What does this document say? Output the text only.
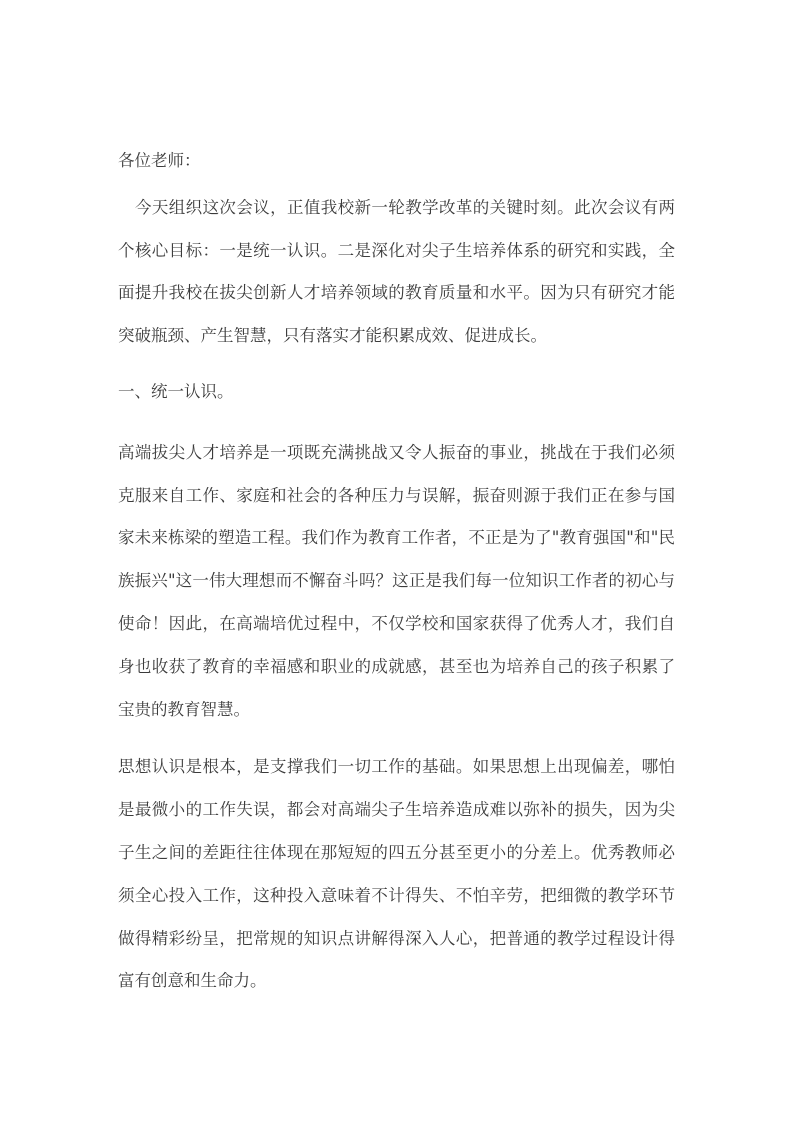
各位老师：
今天组织这次会议，正值我校新一轮教学改革的关键时刻。此次会议有两
个核心目标：一是统一认识。二是深化对尖子生培养体系的研究和实践，全
面提升我校在拔尖创新人才培养领域的教育质量和水平。因为只有研究才能
突破瓶颈、产生智慧，只有落实才能积累成效、促进成长。
一、统一认识。
高端拔尖人才培养是一项既充满挑战又令人振奋的事业，挑战在于我们必须
克服来自工作、家庭和社会的各种压力与误解，振奋则源于我们正在参与国
家未来栋梁的塑造工程。我们作为教育工作者，不正是为了"教育强国"和"民
族振兴"这一伟大理想而不懈奋斗吗？这正是我们每一位知识工作者的初心与
使命！因此，在高端培优过程中，不仅学校和国家获得了优秀人才，我们自
身也收获了教育的幸福感和职业的成就感，甚至也为培养自己的孩子积累了
宝贵的教育智慧。
思想认识是根本，是支撑我们一切工作的基础。如果思想上出现偏差，哪怕
是最微小的工作失误，都会对高端尖子生培养造成难以弥补的损失，因为尖
子生之间的差距往往体现在那短短的四五分甚至更小的分差上。优秀教师必
须全心投入工作，这种投入意味着不计得失、不怕辛劳，把细微的教学环节
做得精彩纷呈，把常规的知识点讲解得深入人心，把普通的教学过程设计得
富有创意和生命力。
